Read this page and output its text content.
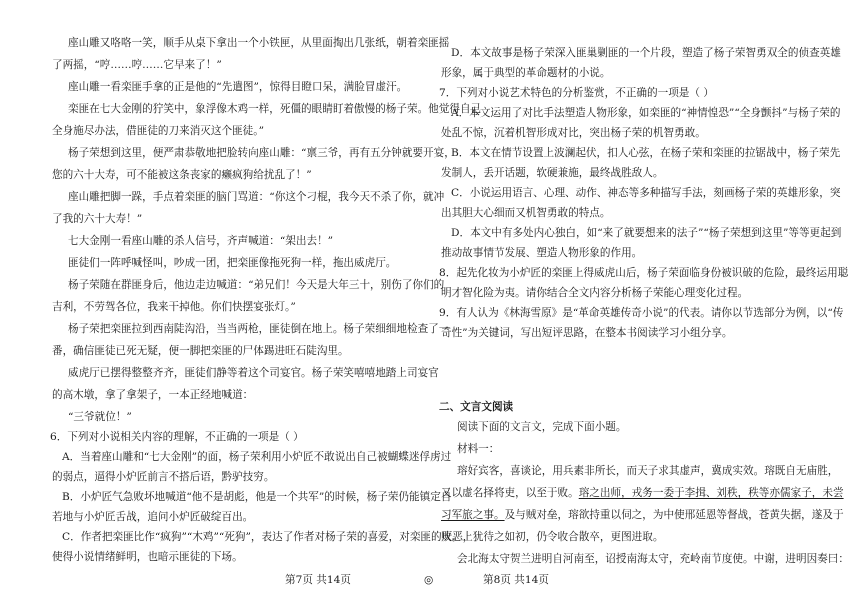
座山雕又咯咯一笑，顺手从桌下拿出一个小铁匣，从里面掏出几张纸，朝着栾匪摇
了两摇，“哼……哼……它早来了！”
座山雕一看栾匪手拿的正是他的“先遣图”，惊得目瞪口呆，满脸冒虚汗。
栾匪在七大金刚的狞笑中，象浮像木鸡一样，死僵的眼睛盯着傲慢的杨子荣。他觉得自己
全身施尽办法，借匪徒的刀来消灭这个匪徒。”
杨子荣想到这里，便严肃恭敬地把脸转向座山雕：“禀三爷，再有五分钟就要开宴，
您的六十大寿，可不能被这条丧家的癞疯狗给扰乱了！”
座山雕把脚一跺，手点着栾匪的脑门骂道：“你这个刁棍，我今天不杀了你，就冲
了我的六十大寿！”
七大金刚一看座山雕的杀人信号，齐声喊道：“架出去！”
匪徒们一阵呼喊怪叫，吵成一团，把栾匪像拖死狗一样，拖出威虎厅。
杨子荣随在群匪身后，他边走边喊道：“弟兄们！今天是大年三十，别伤了你们的
吉利，不劳驾各位，我来干掉他。你们快摆宴张灯。”
杨子荣把栾匪拉到西南陡沟沿，当当两枪，匪徒倒在地上。杨子荣细细地检查了一
番，确信匪徒已死无疑，便一脚把栾匪的尸体踢进旺石陡沟里。
威虎厅已摆得整整齐齐，匪徒们静等着这个司宴官。杨子荣笑嘻嘻地踏上司宴官
的高木墩，拿了拿架子，一本正经地喊道：
“三爷就位！”
6．下列对小说相关内容的理解，不正确的一项是（ ）
A．当着座山雕和“七大金刚”的面，杨子荣利用小炉匠不敢说出自己被蝴蝶迷俘虏过
的弱点，逼得小炉匠前言不搭后语，黔驴技穷。
B．小炉匠气急败坏地喊道“他不是胡彪，他是一个共军”的时候，杨子荣仍能镇定自
若地与小炉匠舌战，追问小炉匠破绽百出。
C．作者把栾匪比作“疯狗”“木鸡”“死狗”，表达了作者对杨子荣的喜爱，对栾匪的厌恶，
使得小说情绪鲜明，也暗示匪徒的下场。
D．本文故事是杨子荣深入匪巢剿匪的一个片段，塑造了杨子荣智勇双全的侦查英雄
形象，属于典型的革命题材的小说。
7．下列对小说艺术特色的分析鉴赏，不正确的一项是（ ）
A．本文运用了对比手法塑造人物形象，如栾匪的“神情惶恐”“全身颤抖”与杨子荣的
处乱不惊，沉着机智形成对比，突出杨子荣的机智勇敢。
B．本文在情节设置上波澜起伏，扣人心弦，在杨子荣和栾匪的拉锯战中，杨子荣先
发制人，丢开话题，软硬兼施，最终战胜敌人。
C．小说运用语言、心理、动作、神态等多种描写手法，刻画杨子荣的英雄形象，突
出其胆大心细而又机智勇敢的特点。
D．本文中有多处内心独白，如“来了就要想来的法子”“杨子荣想到这里”等等更起到
推动故事情节发展、塑造人物形象的作用。
8．起先化妆为小炉匠的栾匪上得威虎山后，杨子荣面临身份被识破的危险，最终运用聪
明才智化险为夷。请你结合全文内容分析杨子荣能心理变化过程。
9．有人认为《林海雪原》是“革命英雄传奇小说”的代表。请你以节选部分为例，以“传
奇性”为关键词，写出短评思路，在整本书阅读学习小组分享。
二、文言文阅读
阅读下面的文言文，完成下面小题。
材料一：
瑢好宾客，喜谈论，用兵素非所长，而天子求其虚声，冀成实效。瑢既自无庙胜，
又以虚名择将吏，以至于败。瑢之出师，戎务一委于李揖、刘秩，秩等亦儒家子，未尝
习军旅之事。及与贼对垒，瑢欲持重以伺之，为中使邢延恩等督战，苍黄失据，遂及于
败。上犹待之如初，仍令收合散卒，更图进取。
会北海太守贺兰进明自河南至，诏授南海太守，充岭南节度使。中谢，进明因奏曰：
第7页 共14页	◎	第8页 共14页
